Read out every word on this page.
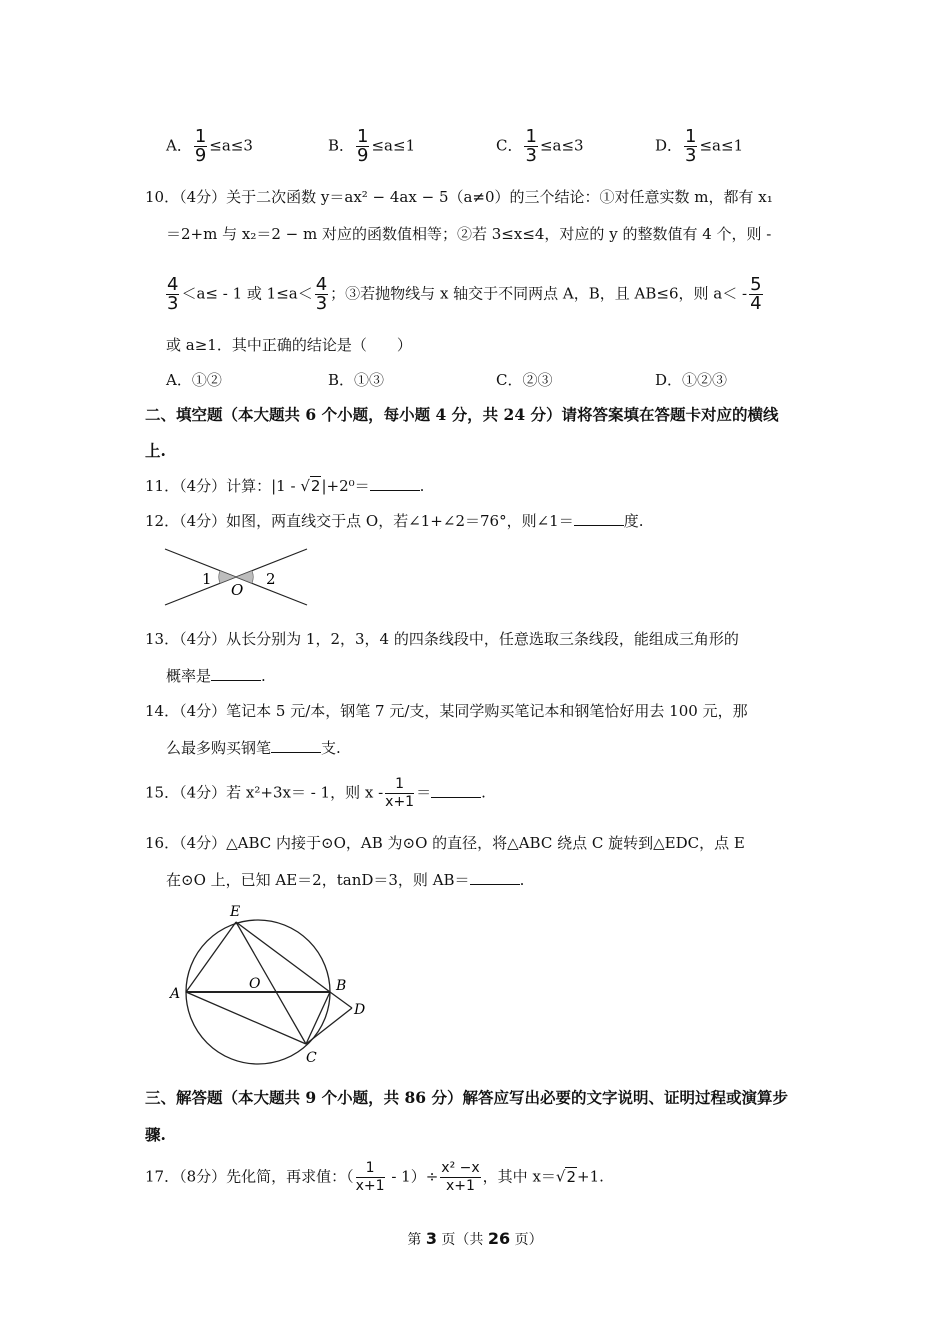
A． $\frac{1}{9} \le a\le 3$	B． $\frac{1}{9} \le a\le 1$	C． $\frac{1}{3} \le a\le 3$	D． $\frac{1}{3} \le a\le 1$
10．（4分）关于二次函数 y＝ax² − 4ax − 5（a≠0）的三个结论：①对任意实数 m，都有 x₁
＝2+m 与 x₂＝2 − m 对应的函数值相等；②若 3≤x≤4，对应的 y 的整数值有 4 个，则 -
$\frac{4}{3} <a\le - 1$ 或 $1\le a< \frac{4}{3}$ ；③若抛物线与 x 轴交于不同两点 A，B，且 AB≤6，则 $a< - \frac{5}{4}$
或 a≥1．其中正确的结论是（　　）
A．①②	B．①③	C．②③	D．①②③
二、填空题（本大题共 6 个小题，每小题 4 分，共 24 分）请将答案填在答题卡对应的横线
上.
11．（4分）计算：|1 - √2|+2⁰＝	.
12．（4分）如图，两直线交于点 O，若∠1+∠2＝76°，则∠1＝	度.
1	2
O
13．（4分）从长分别为 1，2，3，4 的四条线段中，任意选取三条线段，能组成三角形的
概率是	.
14．（4分）笔记本 5 元/本，钢笔 7 元/支，某同学购买笔记本和钢笔恰好用去 100 元，那
么最多购买钢笔	支.
15．（4分）若 x²+3x＝ - 1，则 x - $\frac{1}{x+1}$ ＝	.
16．（4分）△ABC 内接于⊙O，AB 为⊙O 的直径，将△ABC 绕点 C 旋转到△EDC，点 E
在⊙O 上，已知 AE＝2，tanD＝3，则 AB＝	.
E
A
O	B
D
C
三、解答题（本大题共 9 个小题，共 86 分）解答应写出必要的文字说明、证明过程或演算步
骤.
17．（8分）先化简，再求值：（ $\frac{1}{x+1} - 1)\div \frac{\text{x² −x}}{x+1}$ ，其中 x＝√2+1.
第 3 页（共 26 页）
